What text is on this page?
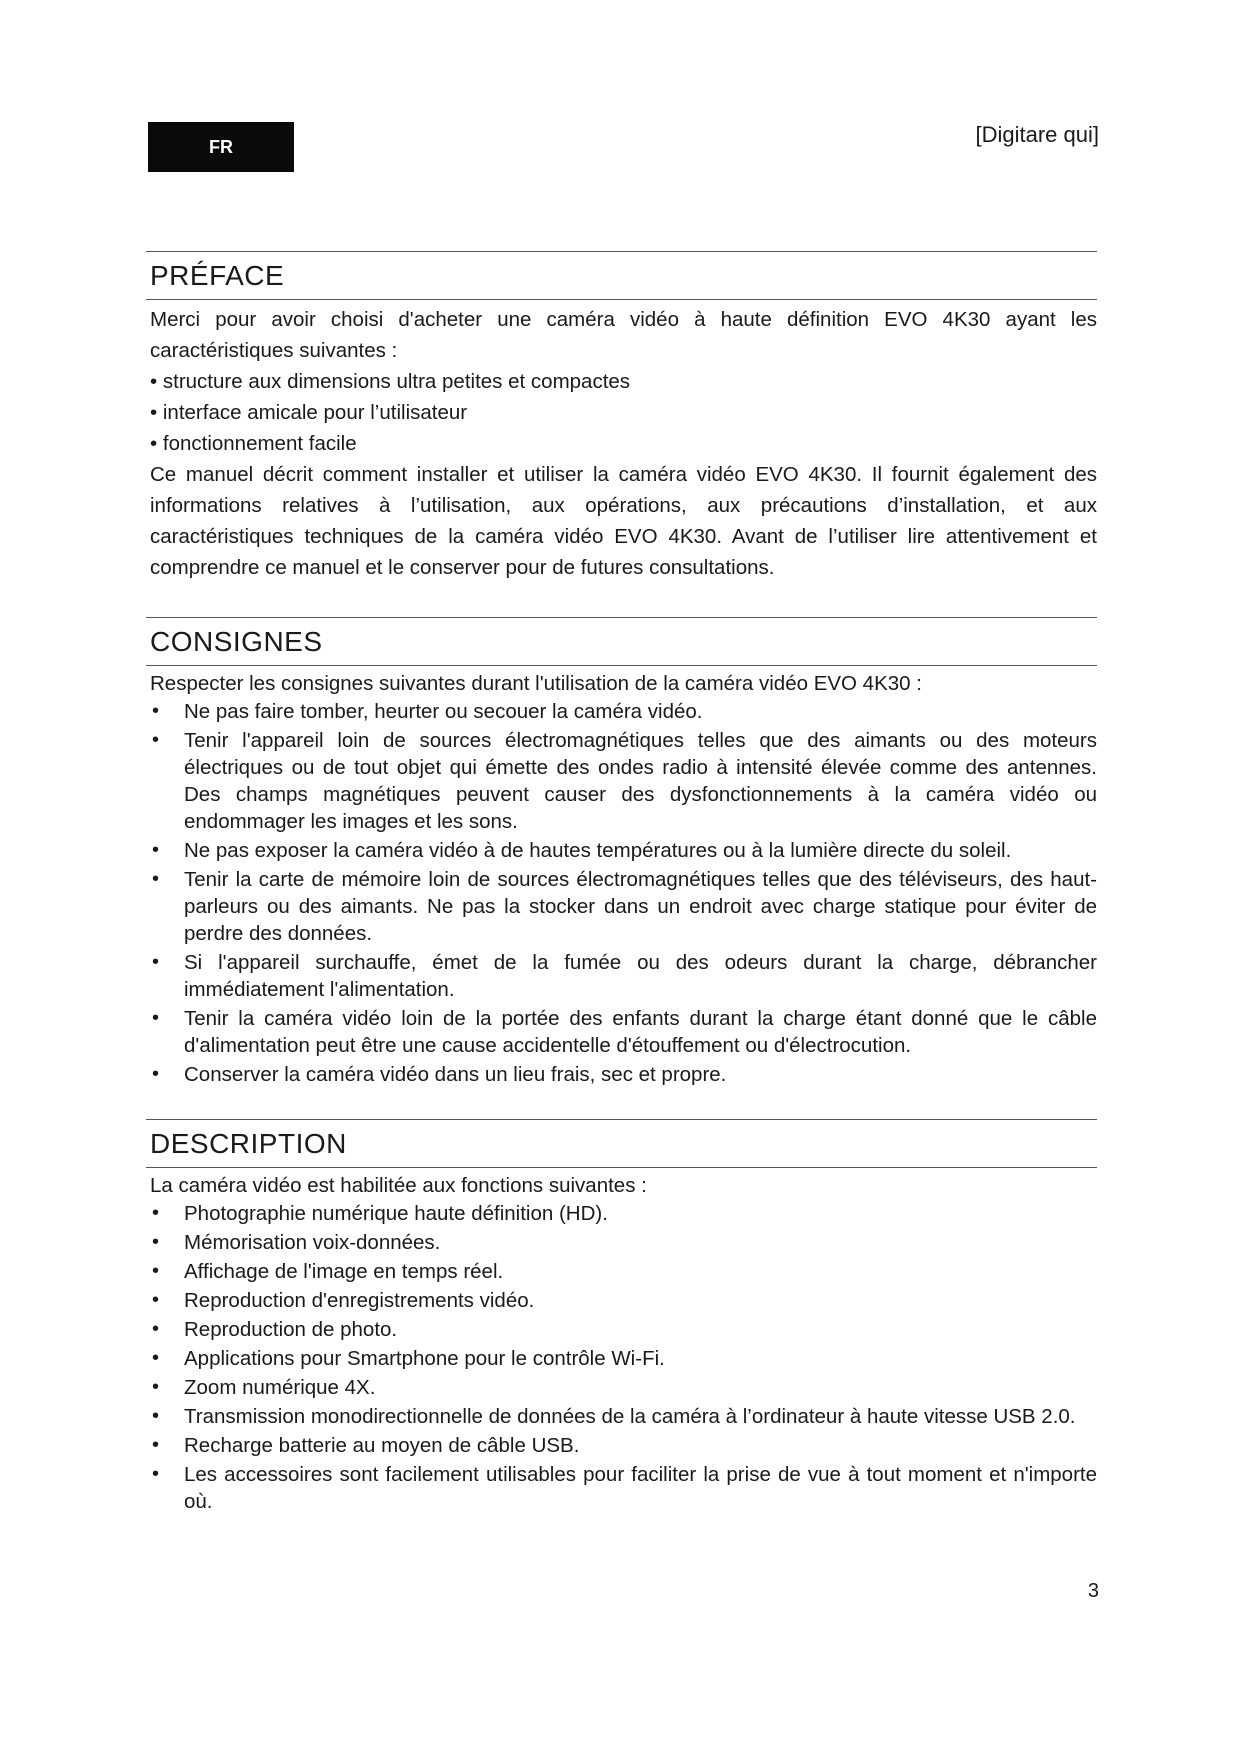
FR	[Digitare qui]
PRÉFACE

Merci pour avoir choisi d'acheter une caméra vidéo à haute définition EVO 4K30 ayant les caractéristiques suivantes :

• structure aux dimensions ultra petites et compactes

• interface amicale pour l’utilisateur

• fonctionnement facile

Ce manuel décrit comment installer et utiliser la caméra vidéo EVO 4K30. Il fournit également des informations relatives à l’utilisation, aux opérations, aux précautions d’installation, et aux caractéristiques techniques de la caméra vidéo EVO 4K30. Avant de l’utiliser lire attentivement et comprendre ce manuel et le conserver pour de futures consultations.

CONSIGNES

Respecter les consignes suivantes durant l'utilisation de la caméra vidéo EVO 4K30 :

• Ne pas faire tomber, heurter ou secouer la caméra vidéo.
• Tenir l'appareil loin de sources électromagnétiques telles que des aimants ou des moteurs électriques ou de tout objet qui émette des ondes radio à intensité élevée comme des antennes. Des champs magnétiques peuvent causer des dysfonctionnements à la caméra vidéo ou endommager les images et les sons.
• Ne pas exposer la caméra vidéo à de hautes températures ou à la lumière directe du soleil.
• Tenir la carte de mémoire loin de sources électromagnétiques telles que des téléviseurs, des haut-parleurs ou des aimants. Ne pas la stocker dans un endroit avec charge statique pour éviter de perdre des données.
• Si l'appareil surchauffe, émet de la fumée ou des odeurs durant la charge, débrancher immédiatement l'alimentation.
• Tenir la caméra vidéo loin de la portée des enfants durant la charge étant donné que le câble d'alimentation peut être une cause accidentelle d'étouffement ou d'électrocution.
• Conserver la caméra vidéo dans un lieu frais, sec et propre.
DESCRIPTION

La caméra vidéo est habilitée aux fonctions suivantes :

• Photographie numérique haute définition (HD).
• Mémorisation voix-données.
• Affichage de l'image en temps réel.
• Reproduction d'enregistrements vidéo.
• Reproduction de photo.
• Applications pour Smartphone pour le contrôle Wi-Fi.
• Zoom numérique 4X.
• Transmission monodirectionnelle de données de la caméra à l’ordinateur à haute vitesse USB 2.0.
• Recharge batterie au moyen de câble USB.
• Les accessoires sont facilement utilisables pour faciliter la prise de vue à tout moment et n'importe où.
3
